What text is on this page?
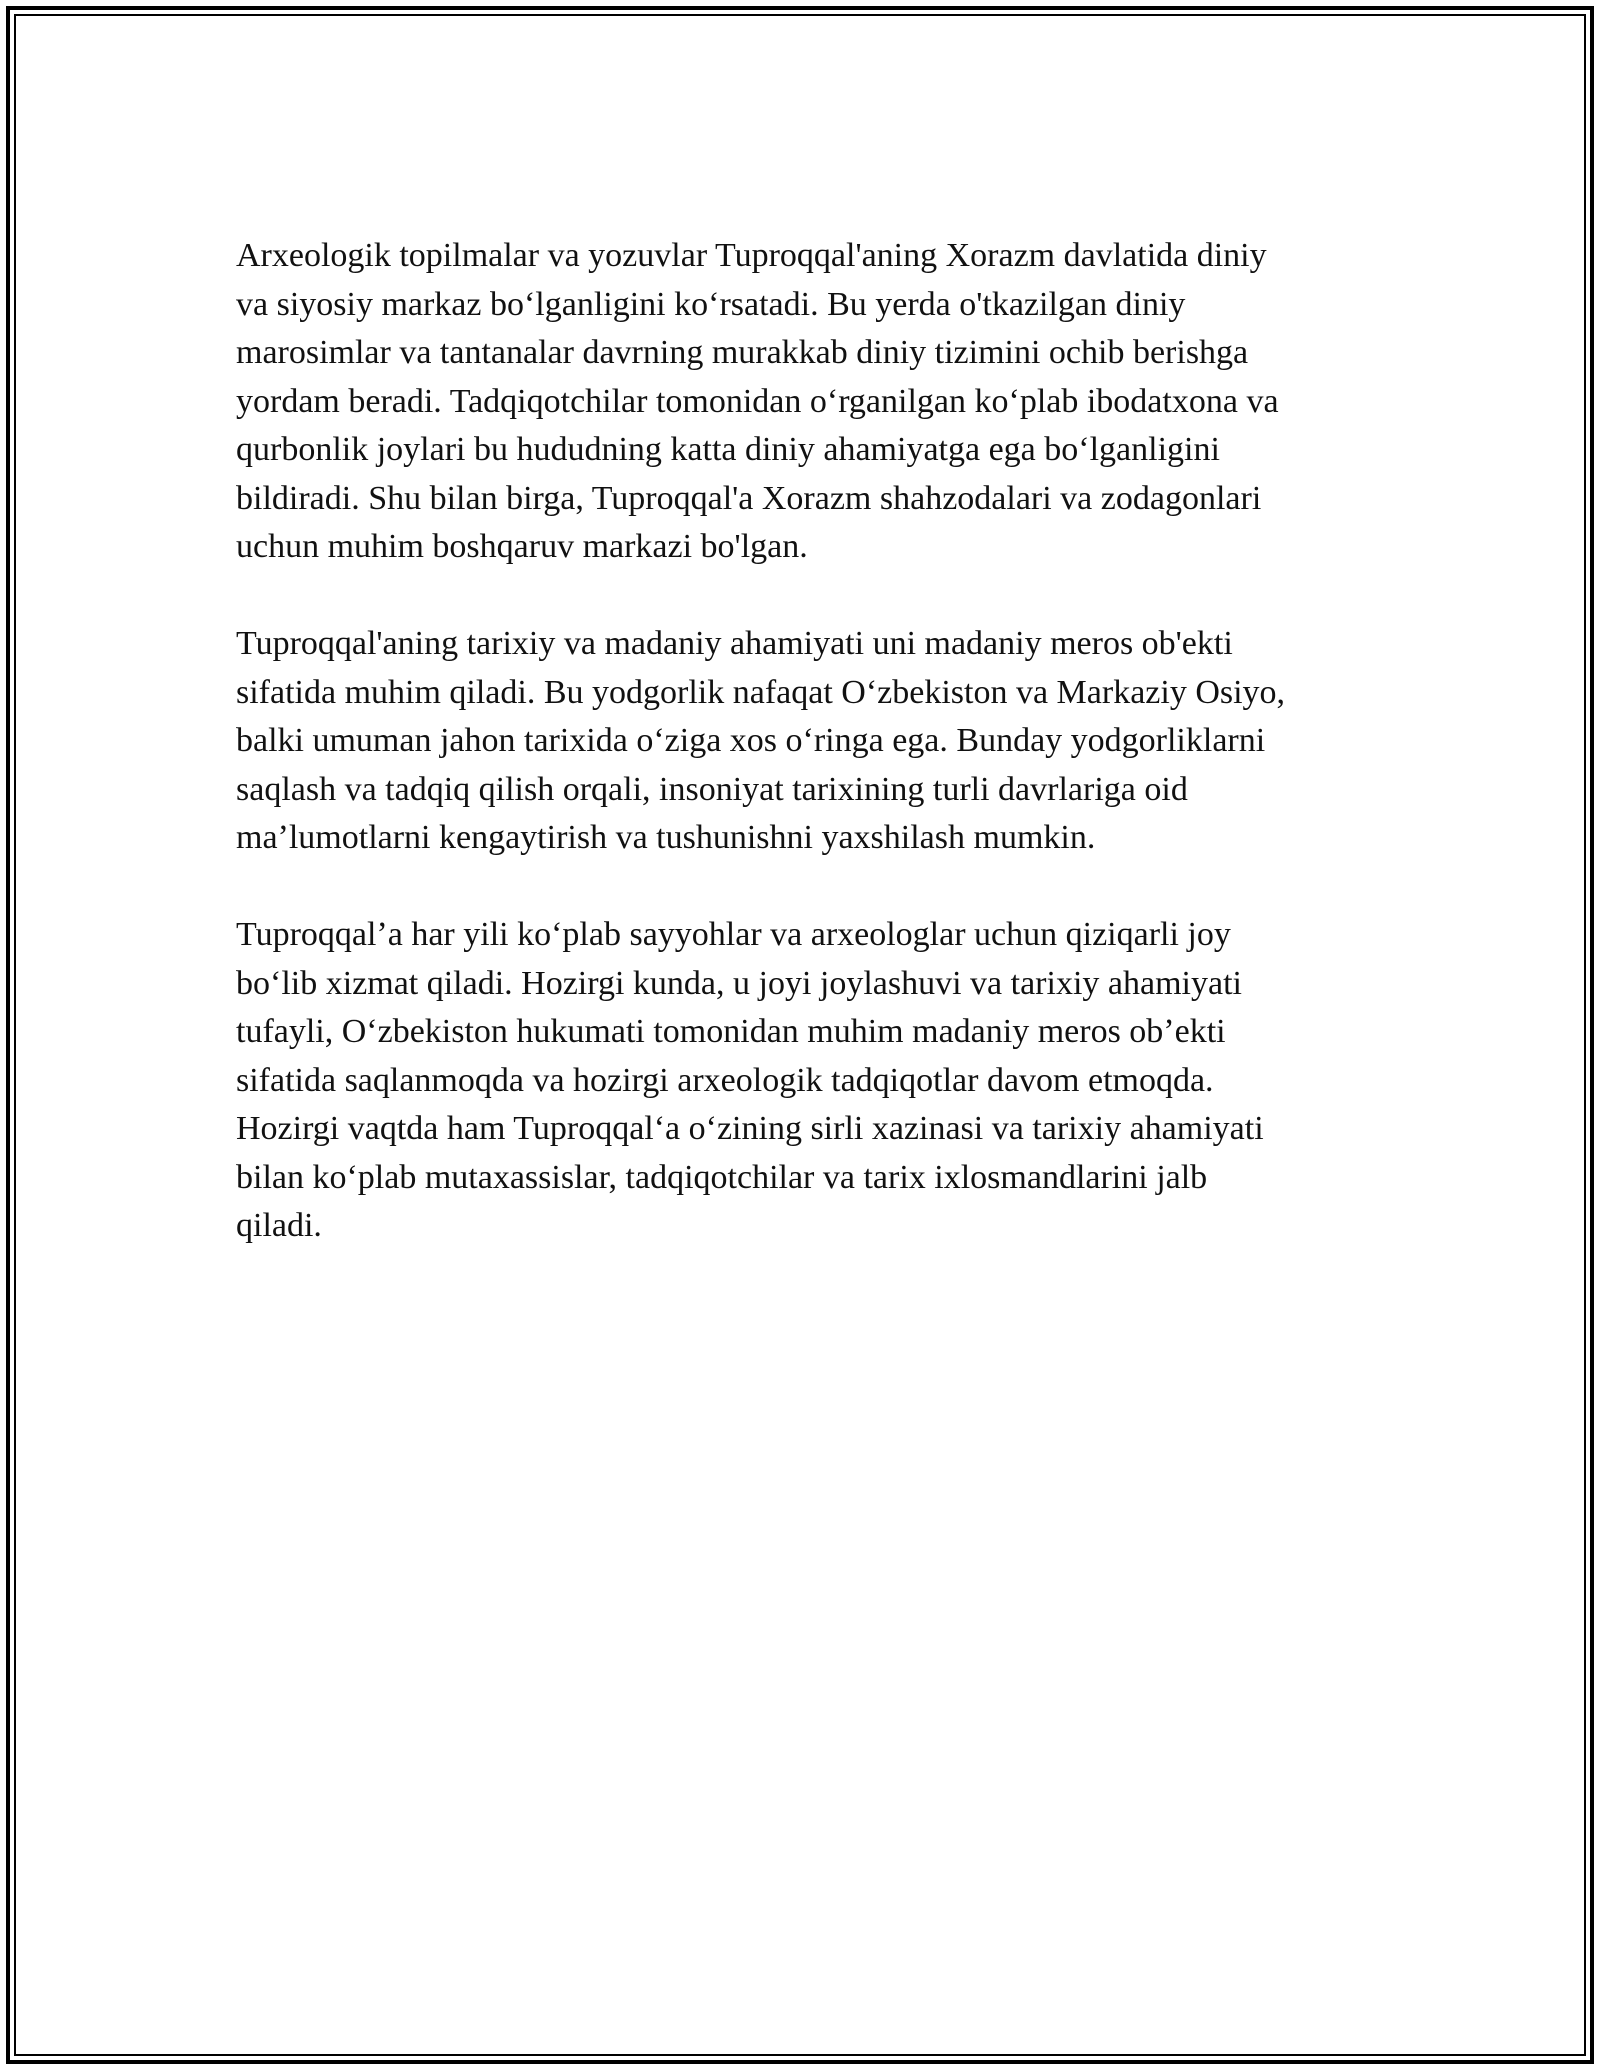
Arxeologik topilmalar va yozuvlar Tuproqqal'aning Xorazm davlatida diniy
va siyosiy markaz boʻlganligini koʻrsatadi. Bu yerda o'tkazilgan diniy
marosimlar va tantanalar davrning murakkab diniy tizimini ochib berishga
yordam beradi. Tadqiqotchilar tomonidan oʻrganilgan koʻplab ibodatxona va
qurbonlik joylari bu hududning katta diniy ahamiyatga ega boʻlganligini
bildiradi. Shu bilan birga, Tuproqqal'a Xorazm shahzodalari va zodagonlari
uchun muhim boshqaruv markazi bo'lgan.

Tuproqqal'aning tarixiy va madaniy ahamiyati uni madaniy meros ob'ekti
sifatida muhim qiladi. Bu yodgorlik nafaqat Oʻzbekiston va Markaziy Osiyo,
balki umuman jahon tarixida oʻziga xos oʻringa ega. Bunday yodgorliklarni
saqlash va tadqiq qilish orqali, insoniyat tarixining turli davrlariga oid
maʼlumotlarni kengaytirish va tushunishni yaxshilash mumkin.

Tuproqqalʼa har yili koʻplab sayyohlar va arxeologlar uchun qiziqarli joy
boʻlib xizmat qiladi. Hozirgi kunda, u joyi joylashuvi va tarixiy ahamiyati
tufayli, Oʻzbekiston hukumati tomonidan muhim madaniy meros obʼekti
sifatida saqlanmoqda va hozirgi arxeologik tadqiqotlar davom etmoqda.
Hozirgi vaqtda ham Tuproqqalʻa oʻzining sirli xazinasi va tarixiy ahamiyati
bilan koʻplab mutaxassislar, tadqiqotchilar va tarix ixlosmandlarini jalb
qiladi.
